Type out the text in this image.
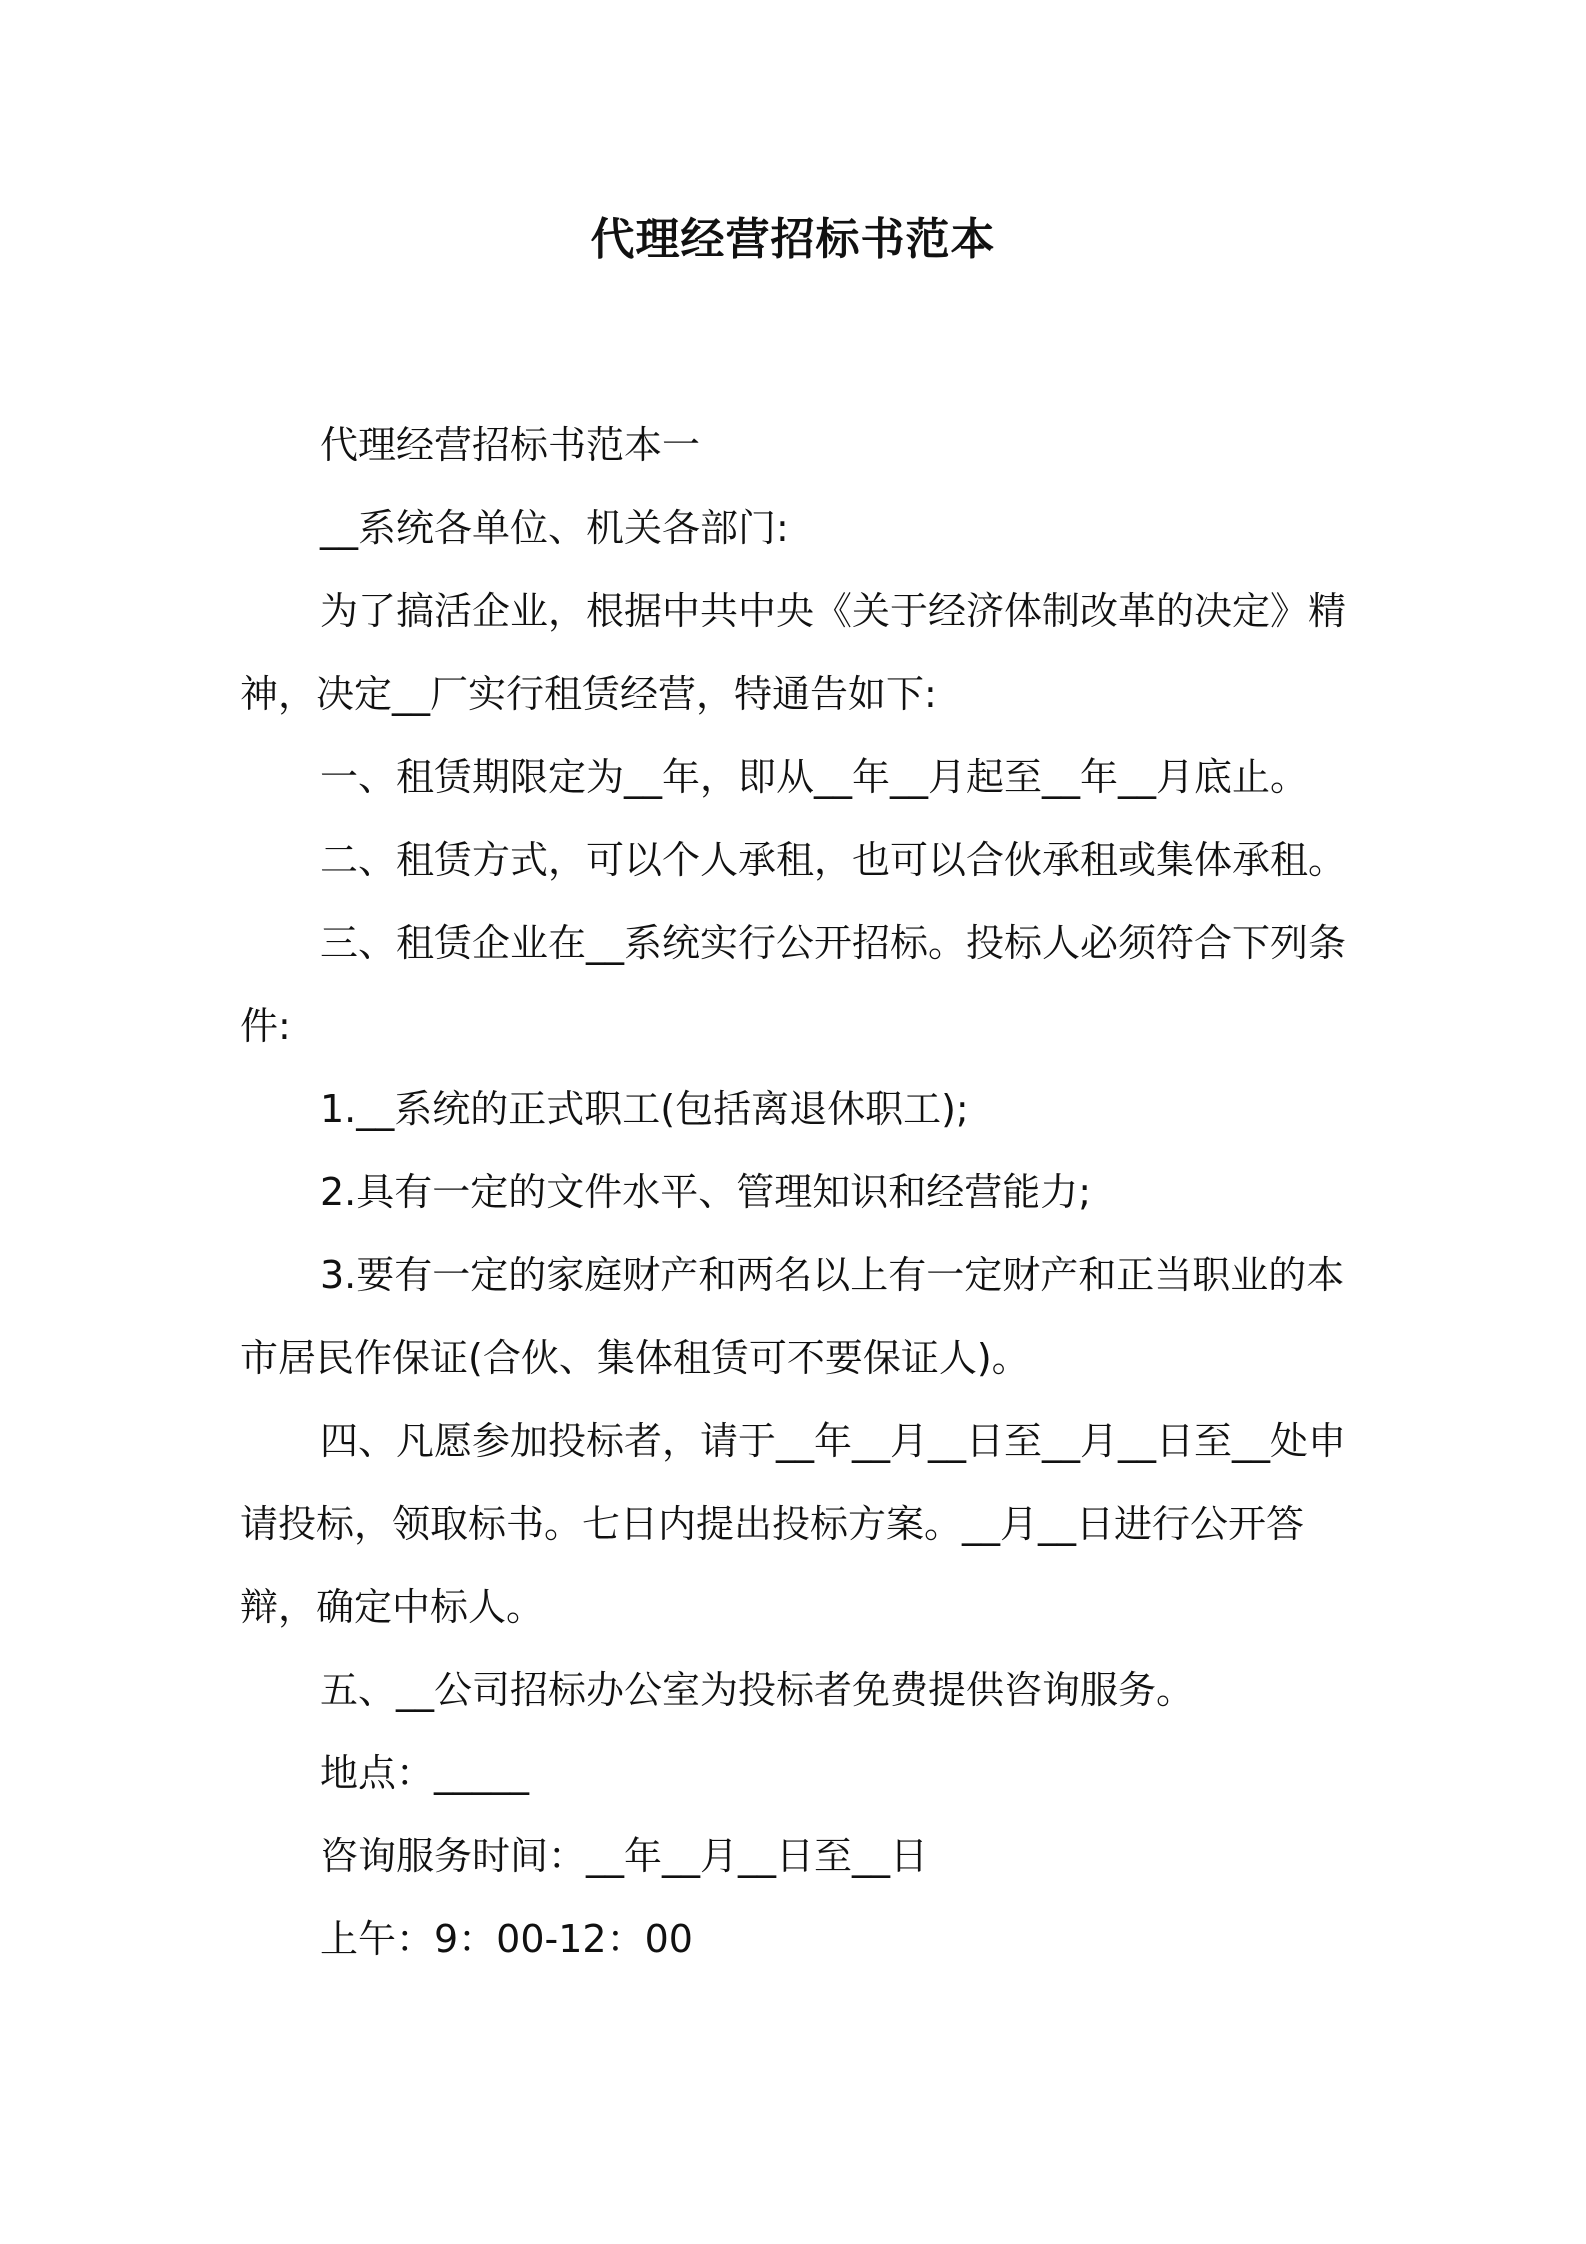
代理经营招标书范本

代理经营招标书范本一

__系统各单位、机关各部门:

为了搞活企业，根据中共中央《关于经济体制改革的决定》精神，决定__厂实行租赁经营，特通告如下:

一、租赁期限定为__年，即从__年__月起至__年__月底止。

二、租赁方式，可以个人承租，也可以合伙承租或集体承租。

三、租赁企业在__系统实行公开招标。投标人必须符合下列条件:

1.__系统的正式职工(包括离退休职工);

2.具有一定的文件水平、管理知识和经营能力;

3.要有一定的家庭财产和两名以上有一定财产和正当职业的本市居民作保证(合伙、集体租赁可不要保证人)。

四、凡愿参加投标者，请于__年__月__日至__月__日至__处申请投标，领取标书。七日内提出投标方案。__月__日进行公开答辩，确定中标人。

五、__公司招标办公室为投标者免费提供咨询服务。

地点：_____

咨询服务时间：__年__月__日至__日

上午：9：00-12：00
